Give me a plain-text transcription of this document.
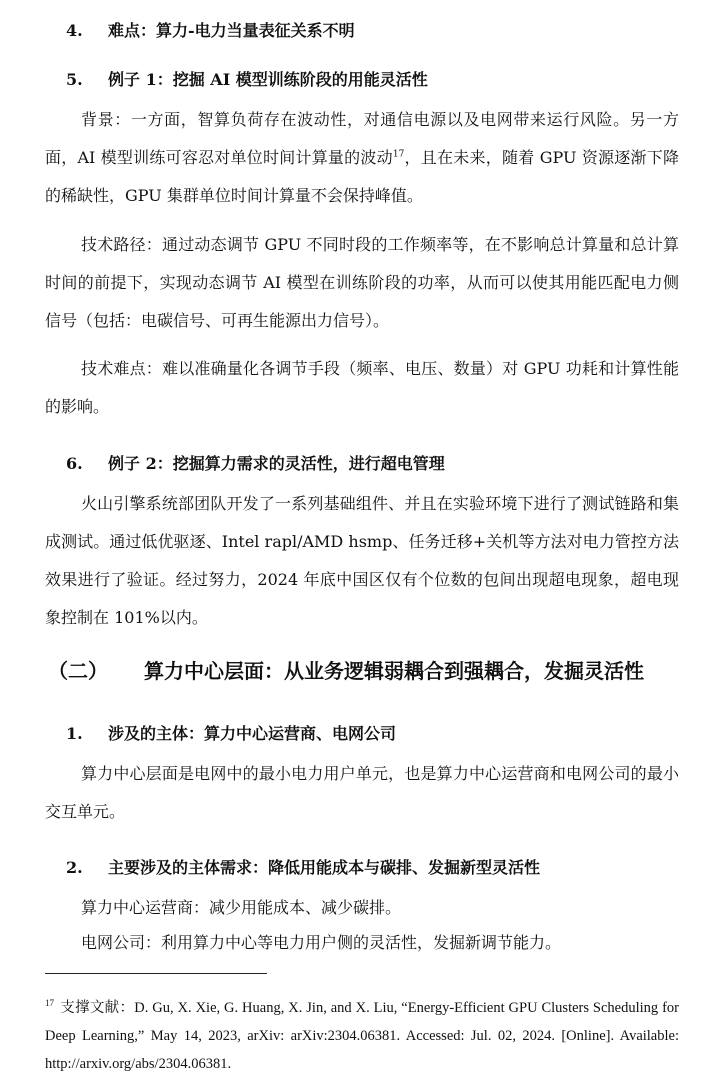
4. 难点：算力-电力当量表征关系不明
5. 例子 1：挖掘 AI 模型训练阶段的用能灵活性

背景：一方面，智算负荷存在波动性，对通信电源以及电网带来运行风险。另一方面，AI 模型训练可容忍对单位时间计算量的波动$^{17}$，且在未来，随着 GPU 资源逐渐下降的稀缺性，GPU 集群单位时间计算量不会保持峰值。

技术路径：通过动态调节 GPU 不同时段的工作频率等，在不影响总计算量和总计算时间的前提下，实现动态调节 AI 模型在训练阶段的功率，从而可以使其用能匹配电力侧信号（包括：电碳信号、可再生能源出力信号）。

技术难点：难以准确量化各调节手段（频率、电压、数量）对 GPU 功耗和计算性能的影响。

6. 例子 2：挖掘算力需求的灵活性，进行超电管理

火山引擎系统部团队开发了一系列基础组件、并且在实验环境下进行了测试链路和集成测试。通过低优驱逐、Intel rapl/AMD hsmp、任务迁移+关机等方法对电力管控方法效果进行了验证。经过努力，2024 年底中国区仅有个位数的包间出现超电现象，超电现象控制在 101%以内。

（二） 算力中心层面：从业务逻辑弱耦合到强耦合，发掘灵活性
1. 涉及的主体：算力中心运营商、电网公司

算力中心层面是电网中的最小电力用户单元，也是算力中心运营商和电网公司的最小交互单元。

2. 主要涉及的主体需求：降低用能成本与碳排、发掘新型灵活性

算力中心运营商：减少用能成本、减少碳排。

电网公司：利用算力中心等电力用户侧的灵活性，发掘新调节能力。

$^{17}$ 支撑文献：D. Gu, X. Xie, G. Huang, X. Jin, and X. Liu, “Energy-Efficient GPU Clusters Scheduling for Deep Learning,” May 14, 2023, arXiv: arXiv:2304.06381. Accessed: Jul. 02, 2024. [Online]. Available: http://arxiv.org/abs/2304.06381.
